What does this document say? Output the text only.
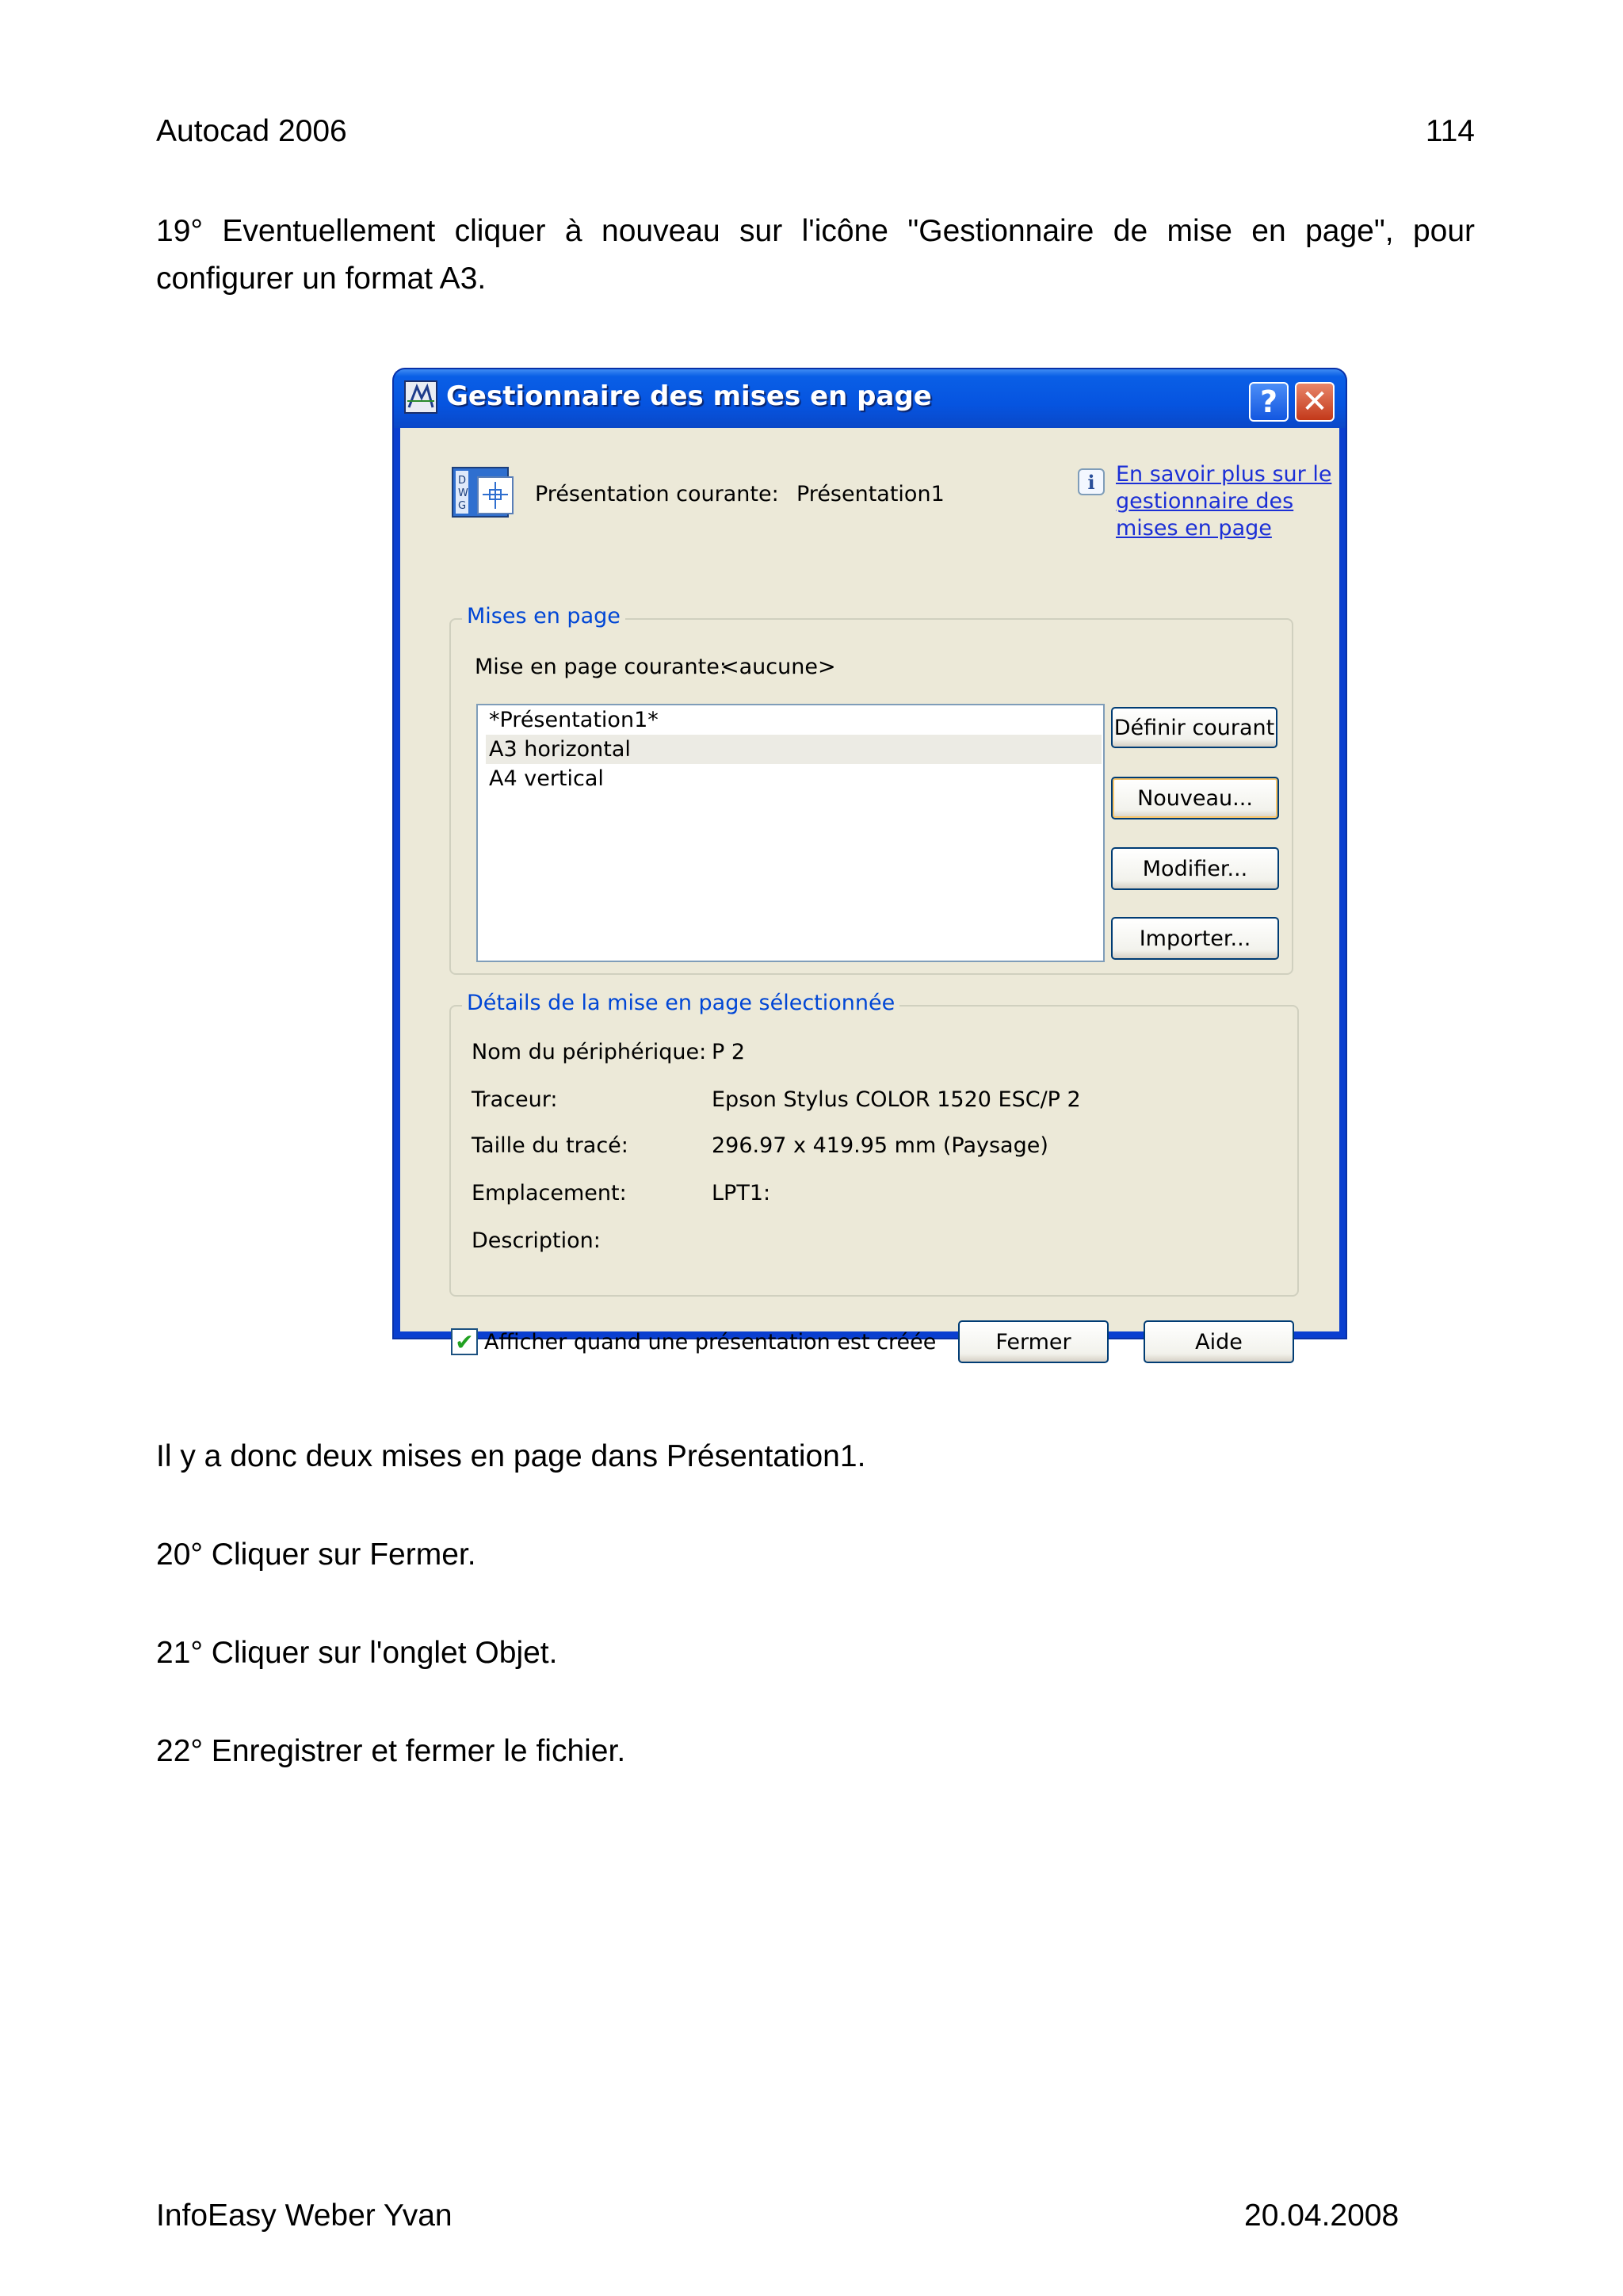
Autocad 2006	114
19° Eventuellement cliquer à nouveau sur l'icône "Gestionnaire de mise en page", pour configurer un format A3.
Gestionnaire des mises en page	? ✕
D
W
G	Présentation courante: Présentation1	i En savoir plus sur le
gestionnaire des
mises en page
Mises en page
Mise en page courante:
<aucune>
*Présentation1*
A3 horizontal
A4 vertical
Définir courant
Nouveau...
Modifier...
Importer...
Détails de la mise en page sélectionnée
Nom du périphérique: P 2
Traceur:	Epson Stylus COLOR 1520 ESC/P 2
Taille du tracé:	296.97 x 419.95 mm (Paysage)
Emplacement:	LPT1:
Description:
✔ Afficher quand une présentation est créée	Fermer	Aide
Il y a donc deux mises en page dans Présentation1.
20° Cliquer sur Fermer.
21° Cliquer sur l'onglet Objet.
22° Enregistrer et fermer le fichier.
InfoEasy Weber Yvan	20.04.2008
